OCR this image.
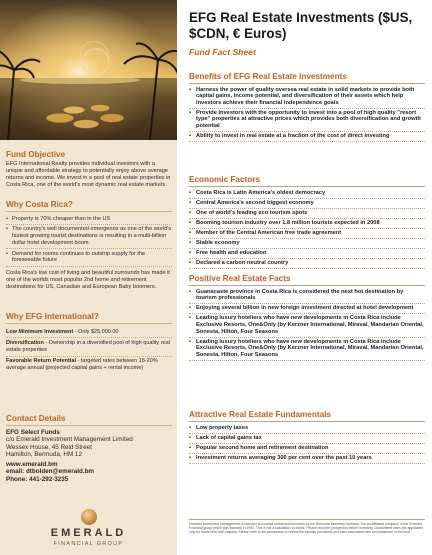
Fund Objective
EFG International Realty provides individual investors with a unique and affordable strategy to potentially enjoy above average returns and income. We invest in a pool of real estate properties in Costa Rica, one of the world's most dynamic real estate markets.
Why Costa Rica?
• Property is 70% cheaper than in the US
• The country's well documented emergence as one of the world's fastest growing tourist destinations is resulting in a multi-billion dollar hotel development boom
• Demand for rooms continues to outstrip supply for the foreseeable future
Costa Rica's low cost of living and beautiful surrounds has made it one of the worlds most popular 2nd home and retirement destinations for US, Canadian and European Baby boomers.
Why EFG International?
Low Minimum Investment - Only $25,000.00
Diversification - Ownership in a diversified pool of high quality real estate properties
Favorable Return Potential - targeted rates between 18-20% average annual (projected capital gains + rental income)
Contact Details
EFG Select Funds
c/o Emerald Investment Management Limited
Wessex House, 45 Reid Street
Hamilton, Bermuda, HM 12
www.emerald.bm
email: dtbolden@emerald.bm
Phone: 441-292-3235
EMERALD
FINANCIAL GROUP
EFG Real Estate Investments ($US, $CDN, € Euros)
Fund Fact Sheet
Benefits of EFG Real Estate Investments
• Harness the power of quality oversea real estate in solid markets to provide both capital gains, income potential, and diversification of their assets which help investors achieve their financial independence goals
• Provide investors with the opportunity to invest into a pool of high quality "resort type" properties at attractive prices which provides both diversification and growth potential
• Ability to invest in real estate at a fraction of the cost of direct investing
Economic Factors
• Costa Rica is Latin America's oldest democracy
• Central America's second biggest economy
• One of world's leading eco tourism spots
• Booming tourism industry over 1.8 million tourists expected in 2008
• Member of the Central American free trade agreement
• Stable economy
• Free health and education
• Declared a carbon neutral country
Positive Real Estate Facts
• Guanacaste province in Costa Rica is considered the next hot destination by tourism professionals
• Enjoying several billion in new foreign investment directed at hotel development
• Leading luxury hoteliers who have new developments in Costa Rica include Exclusive Resorts, One&Only (by Kerzner International, Miraval, Mandarian Oriental, Sonesta, Hilton, Four Seasons
• Leading luxury hoteliers who have new developments in Costa Rica include Exclusive Resorts, One&Only (by Kerzner International, Miraval, Mandarian Oriental, Sonesta, Hilton, Four Seasons
Attractive Real Estate Fundamentals
• Low property taxes
• Lack of capital gains tax
• Popular second home and retirement destination
• Investment returns averaging 300 per cent over the past 10 years
Emerald Investment Management is licensed to conduct investment business by the Bermuda Monetary Authority. It is an affiliated company of the Emerald Financial group which was founded in 1992. This is not a solicitation to invest. Please read the prospectus before investing. Guaranteed rates are applicable only for funds held until maturity. Please refer to the prospectus to review the liquidity provisions and risks associated with an investment in the fund.
